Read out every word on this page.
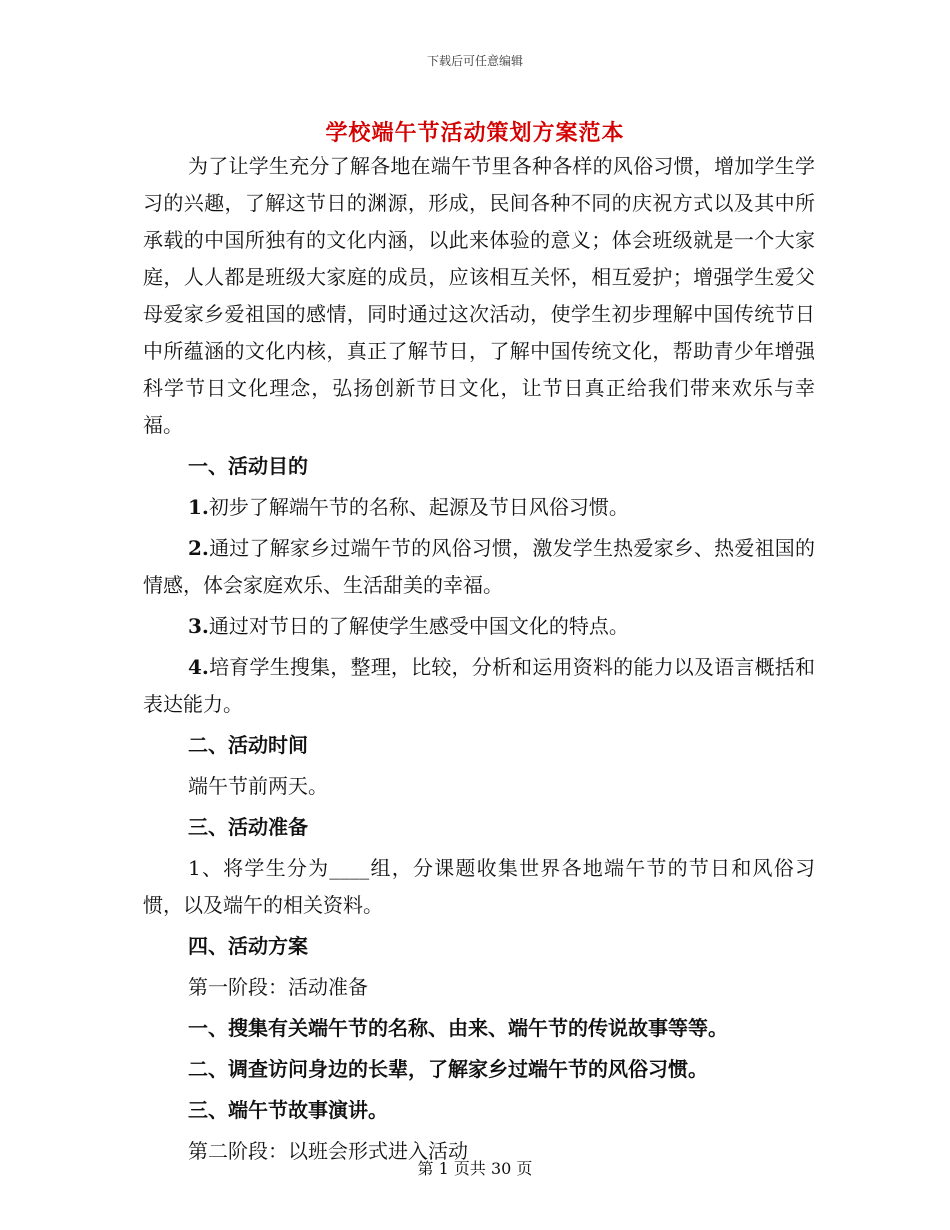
下载后可任意编辑
学校端午节活动策划方案范本

为了让学生充分了解各地在端午节里各种各样的风俗习惯，增加学生学习的兴趣，了解这节日的渊源，形成，民间各种不同的庆祝方式以及其中所承载的中国所独有的文化内涵，以此来体验的意义；体会班级就是一个大家庭，人人都是班级大家庭的成员，应该相互关怀，相互爱护；增强学生爱父母爱家乡爱祖国的感情，同时通过这次活动，使学生初步理解中国传统节日中所蕴涵的文化内核，真正了解节日，了解中国传统文化，帮助青少年增强科学节日文化理念，弘扬创新节日文化，让节日真正给我们带来欢乐与幸福。

一、活动目的

1.初步了解端午节的名称、起源及节日风俗习惯。

2.通过了解家乡过端午节的风俗习惯，激发学生热爱家乡、热爱祖国的情感，体会家庭欢乐、生活甜美的幸福。

3.通过对节日的了解使学生感受中国文化的特点。

4.培育学生搜集，整理，比较，分析和运用资料的能力以及语言概括和表达能力。

二、活动时间

端午节前两天。

三、活动准备

1、将学生分为____组，分课题收集世界各地端午节的节日和风俗习惯，以及端午的相关资料。

四、活动方案

第一阶段：活动准备

一、搜集有关端午节的名称、由来、端午节的传说故事等等。

二、调查访问身边的长辈，了解家乡过端午节的风俗习惯。

三、端午节故事演讲。

第二阶段：以班会形式进入活动

第 1 页共 30 页
